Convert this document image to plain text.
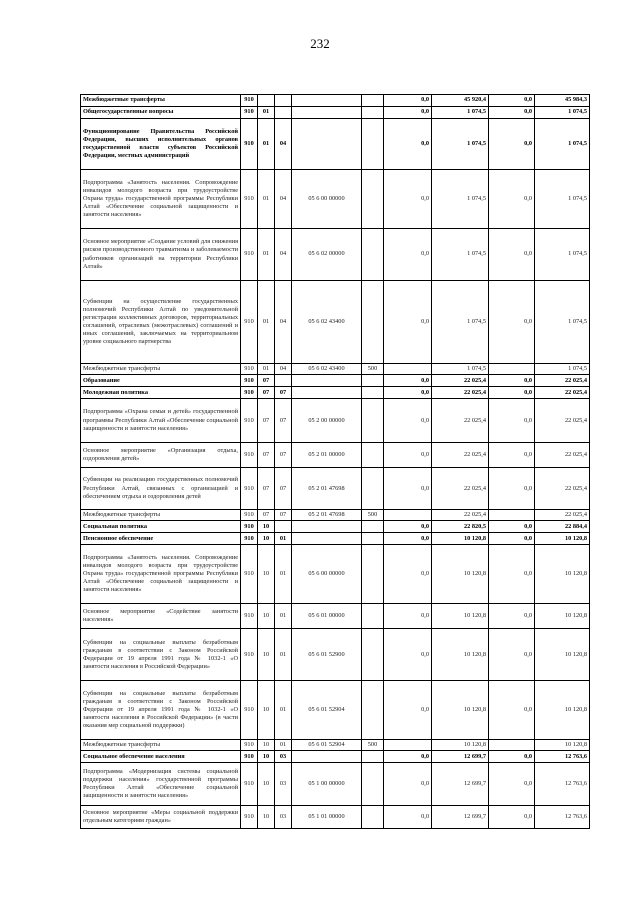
232
Межбюджетные трансферты	910					0,0	45 920,4	0,0	45 984,3
Общегосударственные вопросы	910	01				0,0	1 074,5	0,0	1 074,5
Функционирование Правительства Российской Федерации, высших исполнительных органов государственной власти субъектов Российской Федерации, местных администраций	910	01	04			0,0	1 074,5	0,0	1 074,5
Подпрограмма «Занятость населения. Сопровождение инвалидов молодого возраста при трудоустройстве Охрана труда» государственной программы Республики Алтай «Обеспечение социальной защищенности и занятости населения»	910	01	04	05 6 00 00000		0,0	1 074,5	0,0	1 074,5
Основное мероприятие «Создание условий для снижения рисков производственного травматизма и заболеваемости работников организаций на территории Республики Алтай»	910	01	04	05 6 02 00000		0,0	1 074,5	0,0	1 074,5
Субвенции на осуществление государственных полномочий Республики Алтай по уведомительной регистрации коллективных договоров, территориальных соглашений, отраслевых (межотраслевых) соглашений и иных соглашений, заключаемых на территориальном уровне социального партнерства	910	01	04	05 6 02 43400		0,0	1 074,5	0,0	1 074,5
Межбюджетные трансферты	910	01	04	05 6 02 43400	500		1 074,5		1 074,5
Образование	910	07				0,0	22 025,4	0,0	22 025,4
Молодежная политика	910	07	07			0,0	22 025,4	0,0	22 025,4
Подпрограмма «Охрана семьи и детей» государственной программы Республики Алтай «Обеспечение социальной защищенности и занятости населения»	910	07	07	05 2 00 00000		0,0	22 025,4	0,0	22 025,4
Основное мероприятие «Организация отдыха, оздоровления детей»	910	07	07	05 2 01 00000		0,0	22 025,4	0,0	22 025,4
Субвенции на реализацию государственных полномочий Республики Алтай, связанных с организацией и обеспечением отдыха и оздоровления детей	910	07	07	05 2 01 47698		0,0	22 025,4	0,0	22 025,4
Межбюджетные трансферты	910	07	07	05 2 01 47698	500		22 025,4		22 025,4
Социальная политика	910	10				0,0	22 820,5	0,0	22 884,4
Пенсионное обеспечение	910	10	01			0,0	10 120,8	0,0	10 120,8
Подпрограмма «Занятость населения. Сопровождение инвалидов молодого возраста при трудоустройстве Охрана труда» государственной программы Республики Алтай «Обеспечение социальной защищенности и занятости населения»	910	10	01	05 6 00 00000		0,0	10 120,8	0,0	10 120,8
Основное мероприятие «Содействие занятости населения»	910	10	01	05 6 01 00000		0,0	10 120,8	0,0	10 120,8
Субвенции на социальные выплаты безработным гражданам в соответствии с Законом Российской Федерации от 19 апреля 1991 года № 1032-1 «О занятости населения в Российской Федерации»	910	10	01	05 6 01 52900		0,0	10 120,8	0,0	10 120,8
Субвенции на социальные выплаты безработным гражданам в соответствии с Законом Российской Федерации от 19 апреля 1991 года № 1032-1 «О занятости населения в Российской Федерации» (в части оказания мер социальной поддержки)	910	10	01	05 6 01 52904		0,0	10 120,8	0,0	10 120,8
Межбюджетные трансферты	910	10	01	05 6 01 52904	500		10 120,8		10 120,8
Социальное обеспечение населения	910	10	03			0,0	12 699,7	0,0	12 763,6
Подпрограмма «Модернизация системы социальной поддержки населения» государственной программы Республики Алтай «Обеспечение социальной защищенности и занятости населения»	910	10	03	05 1 00 00000		0,0	12 699,7	0,0	12 763,6
Основное мероприятие «Меры социальной поддержки отдельным категориям граждан»	910	10	03	05 1 01 00000		0,0	12 699,7	0,0	12 763,6
